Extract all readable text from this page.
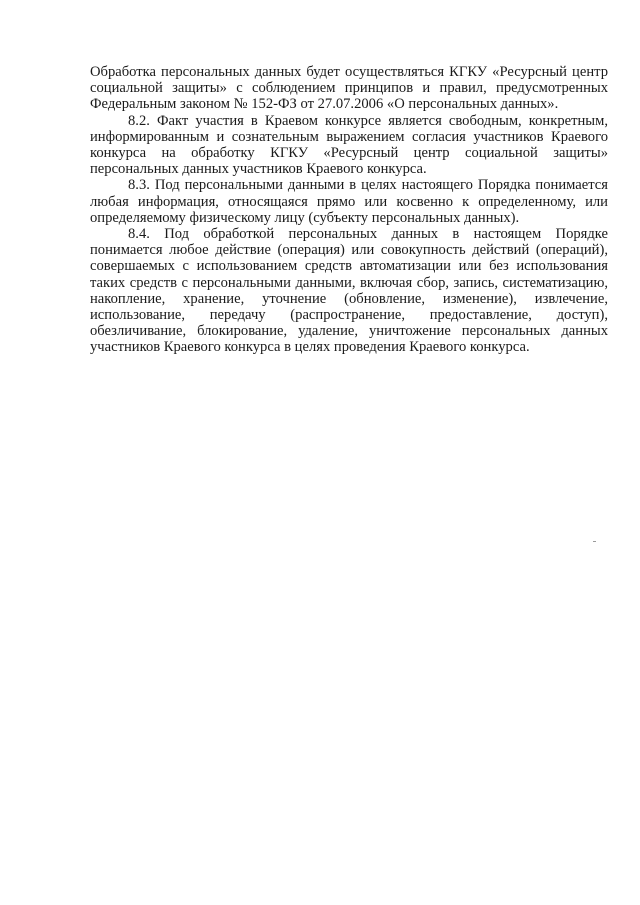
Обработка персональных данных будет осуществляться КГКУ «Ресурсный центр социальной защиты» с соблюдением принципов и правил, предусмотренных Федеральным законом № 152-ФЗ от 27.07.2006 «О персональных данных».

8.2. Факт участия в Краевом конкурсе является свободным, конкретным, информированным и сознательным выражением согласия участников Краевого конкурса на обработку КГКУ «Ресурсный центр социальной защиты» персональных данных участников Краевого конкурса.

8.3. Под персональными данными в целях настоящего Порядка понимается любая информация, относящаяся прямо или косвенно к определенному, или определяемому физическому лицу (субъекту персональных данных).

8.4. Под обработкой персональных данных в настоящем Порядке понимается любое действие (операция) или совокупность действий (операций), совершаемых с использованием средств автоматизации или без использования таких средств с персональными данными, включая сбор, запись, систематизацию, накопление, хранение, уточнение (обновление, изменение), извлечение, использование, передачу (распространение, предоставление, доступ), обезличивание, блокирование, удаление, уничтожение персональных данных участников Краевого конкурса в целях проведения Краевого конкурса.
